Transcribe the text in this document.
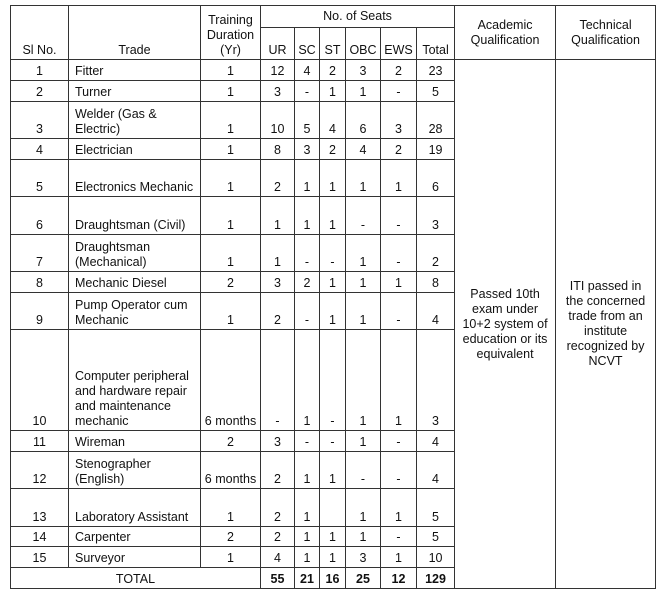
Sl No.	Trade	Training Duration (Yr)	No. of Seats						Academic Qualification	Technical Qualification
			UR	SC	ST	OBC	EWS	Total		
1	Fitter	1	12	4	2	3	2	23	Passed 10th exam under 10+2 system of education or its equivalent	ITI passed in the concerned trade from an institute recognized by NCVT
2	Turner	1	3	-	1	1	-	5		
3	Welder (Gas & Electric)	1	10	5	4	6	3	28		
4	Electrician	1	8	3	2	4	2	19		
5	Electronics Mechanic	1	2	1	1	1	1	6		
6	Draughtsman (Civil)	1	1	1	1	-	-	3		
7	Draughtsman (Mechanical)	1	1	-	-	1	-	2		
8	Mechanic Diesel	2	3	2	1	1	1	8		
9	Pump Operator cum Mechanic	1	2	-	1	1	-	4		
10	Computer peripheral and hardware repair and maintenance mechanic	6 months	-	1	-	1	1	3		
11	Wireman	2	3	-	-	1	-	4		
12	Stenographer (English)	6 months	2	1	1	-	-	4		
13	Laboratory Assistant	1	2	1		1	1	5		
14	Carpenter	2	2	1	1	1	-	5		
15	Surveyor	1	4	1	1	3	1	10		
TOTAL			55	21	16	25	12	129		
